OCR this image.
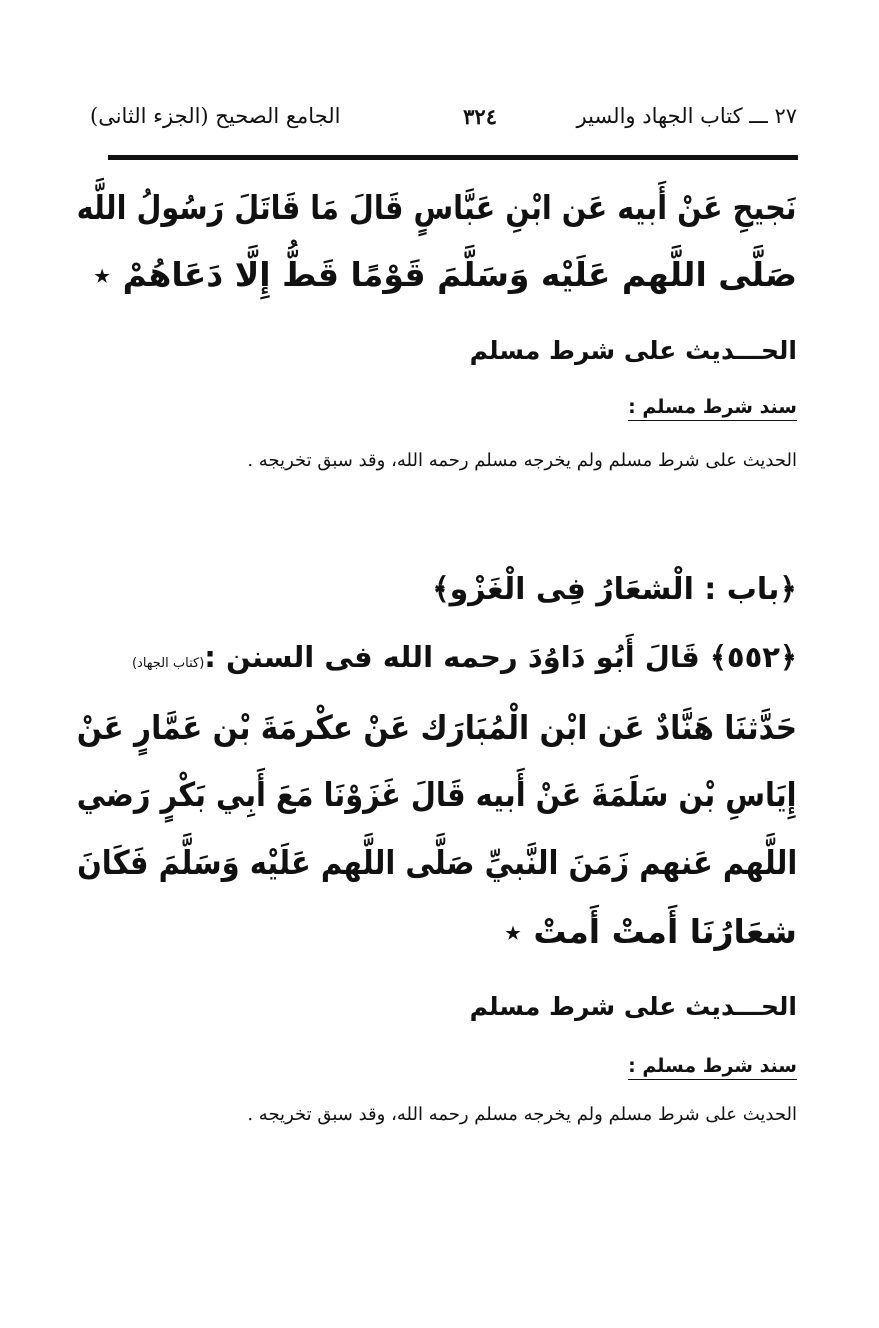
٢٧ ـــ كتاب الجهاد والسير
٣٢٤
الجامع الصحيح (الجزء الثانى)
نَجيحِ عَنْ أَبيه عَن ابْنِ عَبَّاسٍ قَالَ مَا قَاتَلَ رَسُولُ اللَّه
صَلَّى اللَّهم عَلَيْه وَسَلَّمَ قَوْمًا قَطُّ إِلَّا دَعَاهُمْ ٭
الحـــديث على شرط مسلم
سند شرط مسلم :
الحديث على شرط مسلم ولم يخرجه مسلم رحمه الله، وقد سبق تخريجه .
﴿باب : الْشعَارُ فِى الْغَزْو﴾
﴿٥٥٢﴾ قَالَ أَبُو دَاوُدَ رحمه الله فى السنن :(كتاب الجهاد)
حَدَّثنَا هَنَّادٌ عَن ابْن الْمُبَارَك عَنْ عكْرمَةَ بْن عَمَّارٍ عَنْ
إِيَاسِ بْن سَلَمَةَ عَنْ أَبيه قَالَ غَزَوْنَا مَعَ أَبِي بَكْرٍ رَضي
اللَّهم عَنهم زَمَنَ النَّبيِّ صَلَّى اللَّهم عَلَيْه وَسَلَّمَ فَكَانَ
شعَارُنَا أَمتْ أَمتْ ٭
الحـــديث على شرط مسلم
سند شرط مسلم :
الحديث على شرط مسلم ولم يخرجه مسلم رحمه الله، وقد سبق تخريجه .
